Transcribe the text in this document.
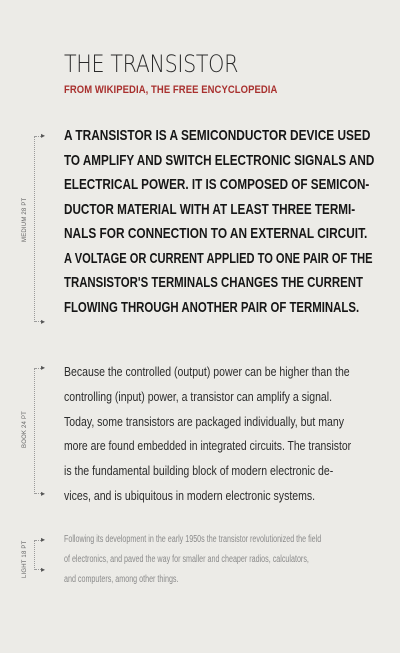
THE TRANSISTOR
FROM WIKIPEDIA, THE FREE ENCYCLOPEDIA
▸
▸
MEDIUM 28 PT
A TRANSISTOR IS A SEMICONDUCTOR DEVICE USED
TO AMPLIFY AND SWITCH ELECTRONIC SIGNALS AND
ELECTRICAL POWER. IT IS COMPOSED OF SEMICON-
DUCTOR MATERIAL WITH AT LEAST THREE TERMI-
NALS FOR CONNECTION TO AN EXTERNAL CIRCUIT.
A VOLTAGE OR CURRENT APPLIED TO ONE PAIR OF THE
TRANSISTOR'S TERMINALS CHANGES THE CURRENT
FLOWING THROUGH ANOTHER PAIR OF TERMINALS.
▸
▸
BOOK 24 PT
Because the controlled (output) power can be higher than the
controlling (input) power, a transistor can amplify a signal.
Today, some transistors are packaged individually, but many
more are found embedded in integrated circuits. The transistor
is the fundamental building block of modern electronic de-
vices, and is ubiquitous in modern electronic systems.
▸
▸
LIGHT 18 PT
Following its development in the early 1950s the transistor revolutionized the field
of electronics, and paved the way for smaller and cheaper radios, calculators,
and computers, among other things.
